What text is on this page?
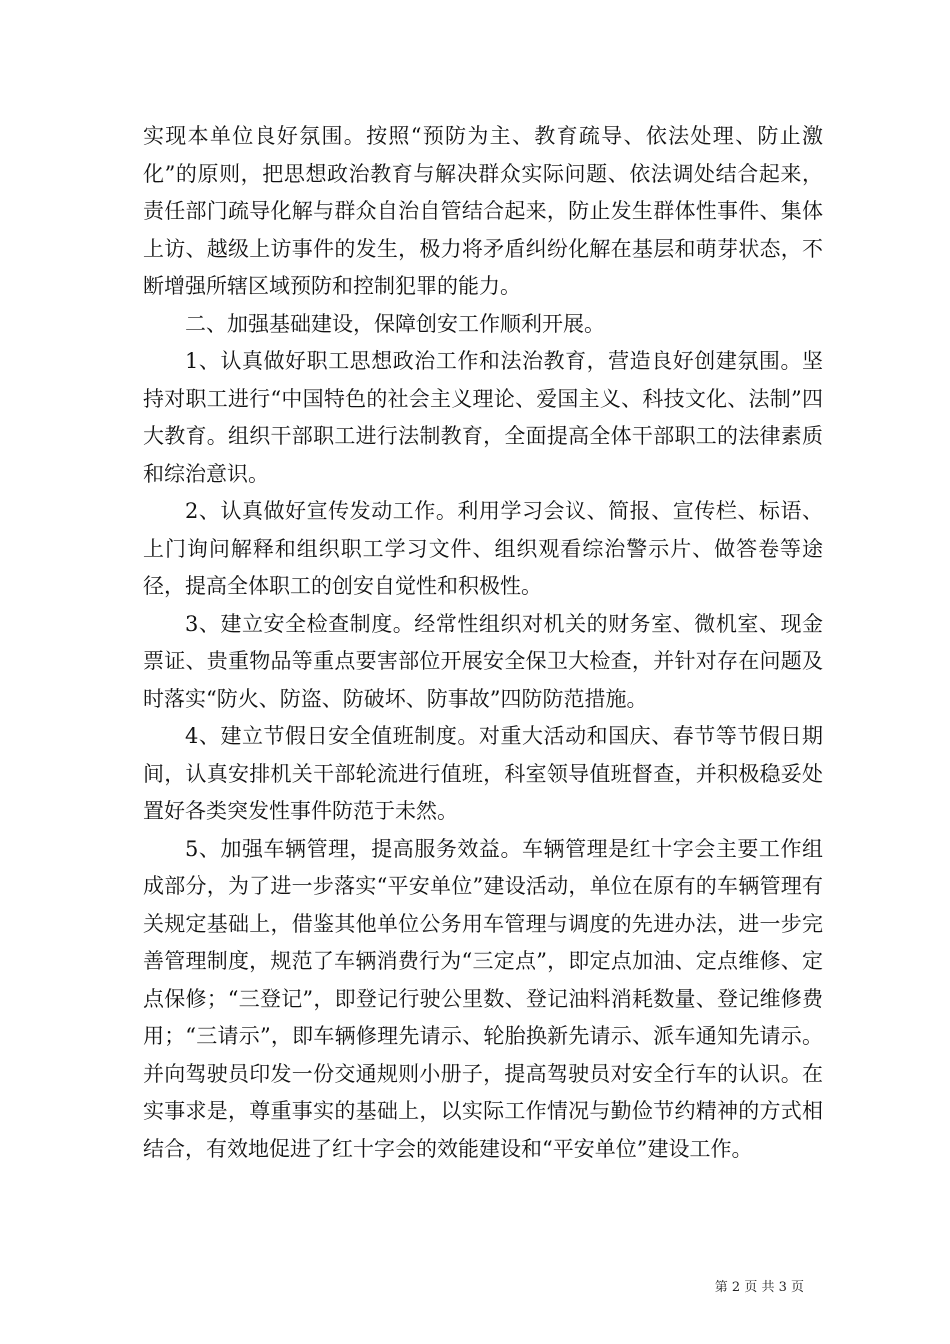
实现本单位良好氛围。按照“预防为主、教育疏导、依法处理、防止激化”的原则，把思想政治教育与解决群众实际问题、依法调处结合起来，责任部门疏导化解与群众自治自管结合起来，防止发生群体性事件、集体上访、越级上访事件的发生，极力将矛盾纠纷化解在基层和萌芽状态，不断增强所辖区域预防和控制犯罪的能力。

二、加强基础建设，保障创安工作顺利开展。

1、认真做好职工思想政治工作和法治教育，营造良好创建氛围。坚持对职工进行“中国特色的社会主义理论、爱国主义、科技文化、法制”四大教育。组织干部职工进行法制教育，全面提高全体干部职工的法律素质和综治意识。

2、认真做好宣传发动工作。利用学习会议、简报、宣传栏、标语、上门询问解释和组织职工学习文件、组织观看综治警示片、做答卷等途径，提高全体职工的创安自觉性和积极性。

3、建立安全检查制度。经常性组织对机关的财务室、微机室、现金票证、贵重物品等重点要害部位开展安全保卫大检查，并针对存在问题及时落实“防火、防盗、防破坏、防事故”四防防范措施。

4、建立节假日安全值班制度。对重大活动和国庆、春节等节假日期间，认真安排机关干部轮流进行值班，科室领导值班督查，并积极稳妥处置好各类突发性事件防范于未然。

5、加强车辆管理，提高服务效益。车辆管理是红十字会主要工作组成部分，为了进一步落实“平安单位”建设活动，单位在原有的车辆管理有关规定基础上，借鉴其他单位公务用车管理与调度的先进办法，进一步完善管理制度，规范了车辆消费行为“三定点”，即定点加油、定点维修、定点保修；“三登记”，即登记行驶公里数、登记油料消耗数量、登记维修费用；“三请示”，即车辆修理先请示、轮胎换新先请示、派车通知先请示。并向驾驶员印发一份交通规则小册子，提高驾驶员对安全行车的认识。在实事求是，尊重事实的基础上，以实际工作情况与勤俭节约精神的方式相结合，有效地促进了红十字会的效能建设和“平安单位”建设工作。

第 2 页 共 3 页
